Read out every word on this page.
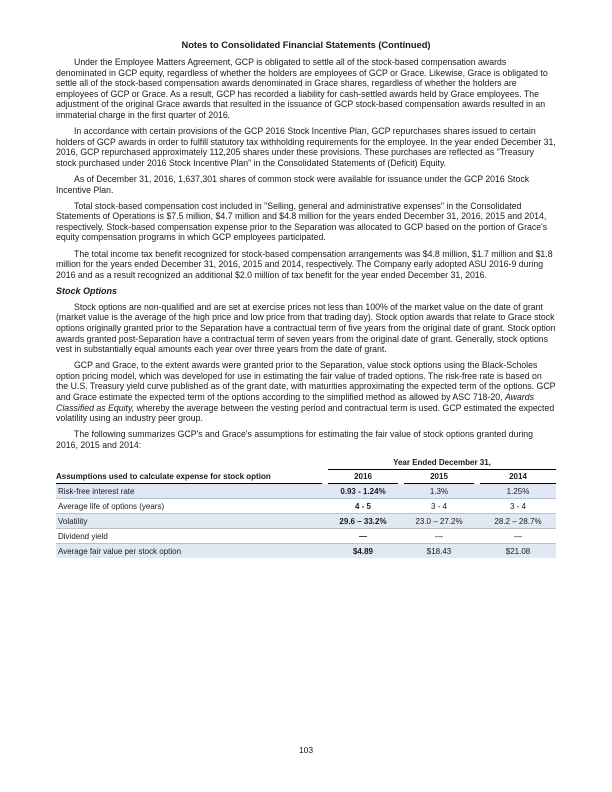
Notes to Consolidated Financial Statements (Continued)

Under the Employee Matters Agreement, GCP is obligated to settle all of the stock-based compensation awards denominated in GCP equity, regardless of whether the holders are employees of GCP or Grace. Likewise, Grace is obligated to settle all of the stock-based compensation awards denominated in Grace shares, regardless of whether the holders are employees of GCP or Grace. As a result, GCP has recorded a liability for cash-settled awards held by Grace employees. The adjustment of the original Grace awards that resulted in the issuance of GCP stock-based compensation awards resulted in an immaterial charge in the first quarter of 2016.

In accordance with certain provisions of the GCP 2016 Stock Incentive Plan, GCP repurchases shares issued to certain holders of GCP awards in order to fulfill statutory tax withholding requirements for the employee. In the year ended December 31, 2016, GCP repurchased approximately 112,205 shares under these provisions. These purchases are reflected as "Treasury stock purchased under 2016 Stock Incentive Plan" in the Consolidated Statements of (Deficit) Equity.

As of December 31, 2016, 1,637,301 shares of common stock were available for issuance under the GCP 2016 Stock Incentive Plan.

Total stock-based compensation cost included in "Selling, general and administrative expenses" in the Consolidated Statements of Operations is $7.5 million, $4.7 million and $4.8 million for the years ended December 31, 2016, 2015 and 2014, respectively. Stock-based compensation expense prior to the Separation was allocated to GCP based on the portion of Grace's equity compensation programs in which GCP employees participated.

The total income tax benefit recognized for stock-based compensation arrangements was $4.8 million, $1.7 million and $1.8 million for the years ended December 31, 2016, 2015 and 2014, respectively. The Company early adopted ASU 2016-9 during 2016 and as a result recognized an additional $2.0 million of tax benefit for the year ended December 31, 2016.

Stock Options

Stock options are non-qualified and are set at exercise prices not less than 100% of the market value on the date of grant (market value is the average of the high price and low price from that trading day). Stock option awards that relate to Grace stock options originally granted prior to the Separation have a contractual term of five years from the original date of grant. Stock option awards granted post-Separation have a contractual term of seven years from the original date of grant. Generally, stock options vest in substantially equal amounts each year over three years from the date of grant.

GCP and Grace, to the extent awards were granted prior to the Separation, value stock options using the Black-Scholes option pricing model, which was developed for use in estimating the fair value of traded options. The risk-free rate is based on the U.S. Treasury yield curve published as of the grant date, with maturities approximating the expected term of the options. GCP and Grace estimate the expected term of the options according to the simplified method as allowed by ASC 718-20, Awards Classified as Equity, whereby the average between the vesting period and contractual term is used. GCP estimated the expected volatility using an industry peer group.

The following summarizes GCP's and Grace's assumptions for estimating the fair value of stock options granted during 2016, 2015 and 2014:

		Year Ended December 31,				
Assumptions used to calculate expense for stock option		2016		2015		2014
Risk-free interest rate		0.93 - 1.24%		1.3%		1.25%
Average life of options (years)		4 - 5		3 - 4		3 - 4
Volatility		29.6 – 33.2%		23.0 – 27.2%		28.2 – 28.7%
Dividend yield		—		—		—
Average fair value per stock option		$4.89		$18.43		$21.08
103
